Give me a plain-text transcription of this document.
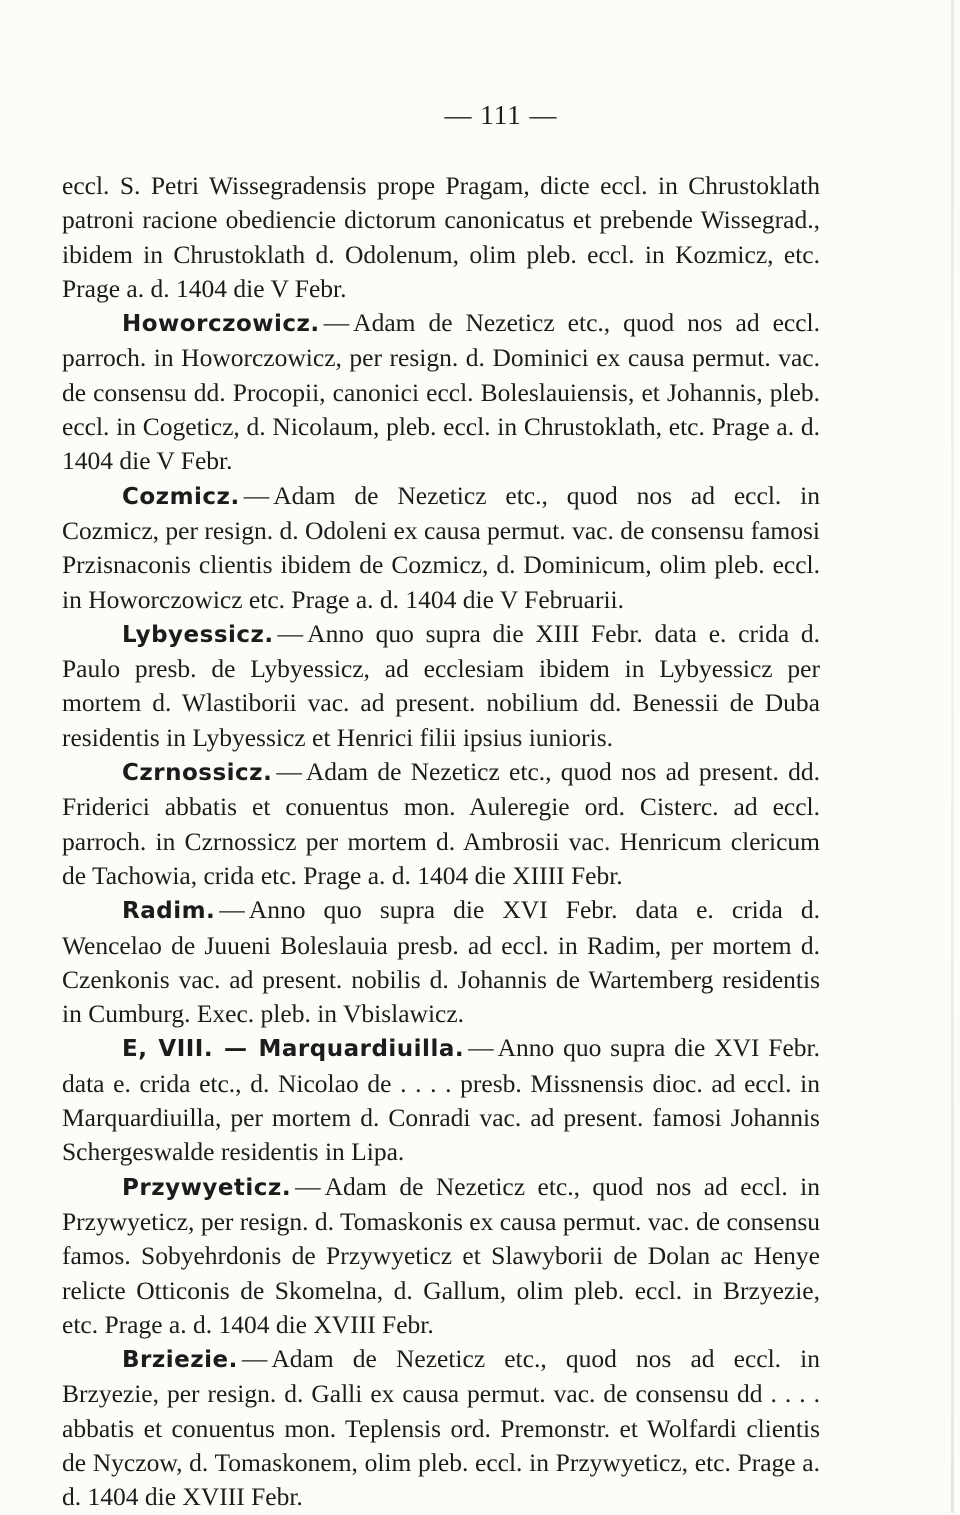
— 111 —

eccl. S. Petri Wissegradensis prope Pragam, dicte eccl. in Chrustoklath patroni racione obediencie dictorum canonicatus et prebende Wissegrad., ibidem in Chrustoklath d. Odolenum, olim pleb. eccl. in Kozmicz, etc. Prage a. d. 1404 die V Febr.

Howorczowicz. — Adam de Nezeticz etc., quod nos ad eccl. parroch. in Howorczowicz, per resign. d. Dominici ex causa permut. vac. de consensu dd. Procopii, canonici eccl. Boleslauiensis, et Johannis, pleb. eccl. in Cogeticz, d. Nicolaum, pleb. eccl. in Chrustoklath, etc. Prage a. d. 1404 die V Febr.

Cozmicz. — Adam de Nezeticz etc., quod nos ad eccl. in Cozmicz, per resign. d. Odoleni ex causa permut. vac. de consensu famosi Przisnaconis clientis ibidem de Cozmicz, d. Dominicum, olim pleb. eccl. in Howorczowicz etc. Prage a. d. 1404 die V Februarii.

Lybyessicz. — Anno quo supra die XIII Febr. data e. crida d. Paulo presb. de Lybyessicz, ad ecclesiam ibidem in Lybyessicz per mortem d. Wlastiborii vac. ad present. nobilium dd. Benessii de Duba residentis in Lybyessicz et Henrici filii ipsius iunioris.

Czrnossicz. — Adam de Nezeticz etc., quod nos ad present. dd. Friderici abbatis et conuentus mon. Auleregie ord. Cisterc. ad eccl. parroch. in Czrnossicz per mortem d. Ambrosii vac. Henricum clericum de Tachowia, crida etc. Prage a. d. 1404 die XIIII Febr.

Radim. — Anno quo supra die XVI Febr. data e. crida d. Wencelao de Juueni Boleslauia presb. ad eccl. in Radim, per mortem d. Czenkonis vac. ad present. nobilis d. Johannis de Wartemberg residentis in Cumburg. Exec. pleb. in Vbislawicz.

E, VIII. — Marquardiuilla. — Anno quo supra die XVI Febr. data e. crida etc., d. Nicolao de . . . . presb. Missnensis dioc. ad eccl. in Marquardiuilla, per mortem d. Conradi vac. ad present. famosi Johannis Schergeswalde residentis in Lipa.

Przywyeticz. — Adam de Nezeticz etc., quod nos ad eccl. in Przywyeticz, per resign. d. Tomaskonis ex causa permut. vac. de consensu famos. Sobyehrdonis de Przywyeticz et Slawyborii de Dolan ac Henye relicte Otticonis de Skomelna, d. Gallum, olim pleb. eccl. in Brzyezie, etc. Prage a. d. 1404 die XVIII Febr.

Brziezie. — Adam de Nezeticz etc., quod nos ad eccl. in Brzyezie, per resign. d. Galli ex causa permut. vac. de consensu dd . . . . abbatis et conuentus mon. Teplensis ord. Premonstr. et Wolfardi clientis de Nyczow, d. Tomaskonem, olim pleb. eccl. in Przywyeticz, etc. Prage a. d. 1404 die XVIII Febr.
